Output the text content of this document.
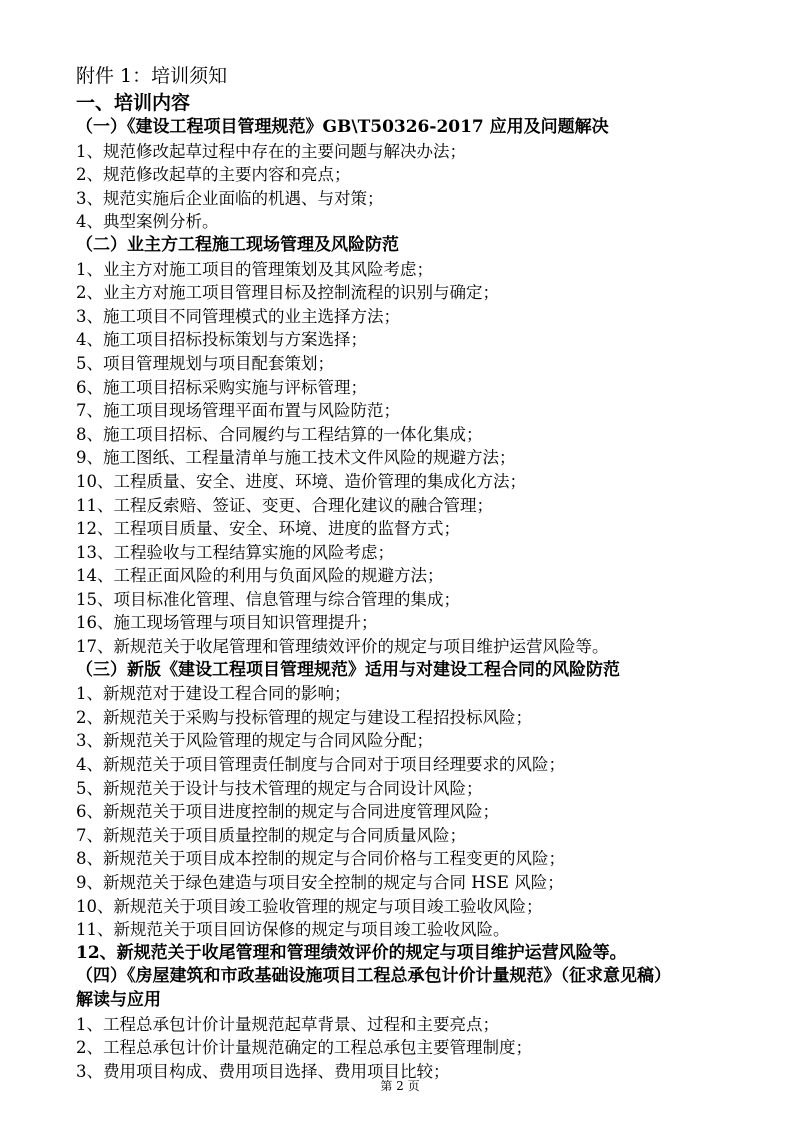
附件 1：培训须知
一、培训内容
（一）《建设工程项目管理规范》GB\T50326-2017 应用及问题解决
1、规范修改起草过程中存在的主要问题与解决办法；
2、规范修改起草的主要内容和亮点；
3、规范实施后企业面临的机遇、与对策；
4、典型案例分析。
（二）业主方工程施工现场管理及风险防范
1、业主方对施工项目的管理策划及其风险考虑；
2、业主方对施工项目管理目标及控制流程的识别与确定；
3、施工项目不同管理模式的业主选择方法；
4、施工项目招标投标策划与方案选择；
5、项目管理规划与项目配套策划；
6、施工项目招标采购实施与评标管理；
7、施工项目现场管理平面布置与风险防范；
8、施工项目招标、合同履约与工程结算的一体化集成；
9、施工图纸、工程量清单与施工技术文件风险的规避方法；
10、工程质量、安全、进度、环境、造价管理的集成化方法；
11、工程反索赔、签证、变更、合理化建议的融合管理；
12、工程项目质量、安全、环境、进度的监督方式；
13、工程验收与工程结算实施的风险考虑；
14、工程正面风险的利用与负面风险的规避方法；
15、项目标准化管理、信息管理与综合管理的集成；
16、施工现场管理与项目知识管理提升；
17、新规范关于收尾管理和管理绩效评价的规定与项目维护运营风险等。
（三）新版《建设工程项目管理规范》适用与对建设工程合同的风险防范
1、新规范对于建设工程合同的影响；
2、新规范关于采购与投标管理的规定与建设工程招投标风险；
3、新规范关于风险管理的规定与合同风险分配；
4、新规范关于项目管理责任制度与合同对于项目经理要求的风险；
5、新规范关于设计与技术管理的规定与合同设计风险；
6、新规范关于项目进度控制的规定与合同进度管理风险；
7、新规范关于项目质量控制的规定与合同质量风险；
8、新规范关于项目成本控制的规定与合同价格与工程变更的风险；
9、新规范关于绿色建造与项目安全控制的规定与合同 HSE 风险；
10、新规范关于项目竣工验收管理的规定与项目竣工验收风险；
11、新规范关于项目回访保修的规定与项目竣工验收风险。
12、新规范关于收尾管理和管理绩效评价的规定与项目维护运营风险等。
（四）《房屋建筑和市政基础设施项目工程总承包计价计量规范》（征求意见稿）
解读与应用
1、工程总承包计价计量规范起草背景、过程和主要亮点；
2、工程总承包计价计量规范确定的工程总承包主要管理制度；
3、费用项目构成、费用项目选择、费用项目比较；
第 2 页
